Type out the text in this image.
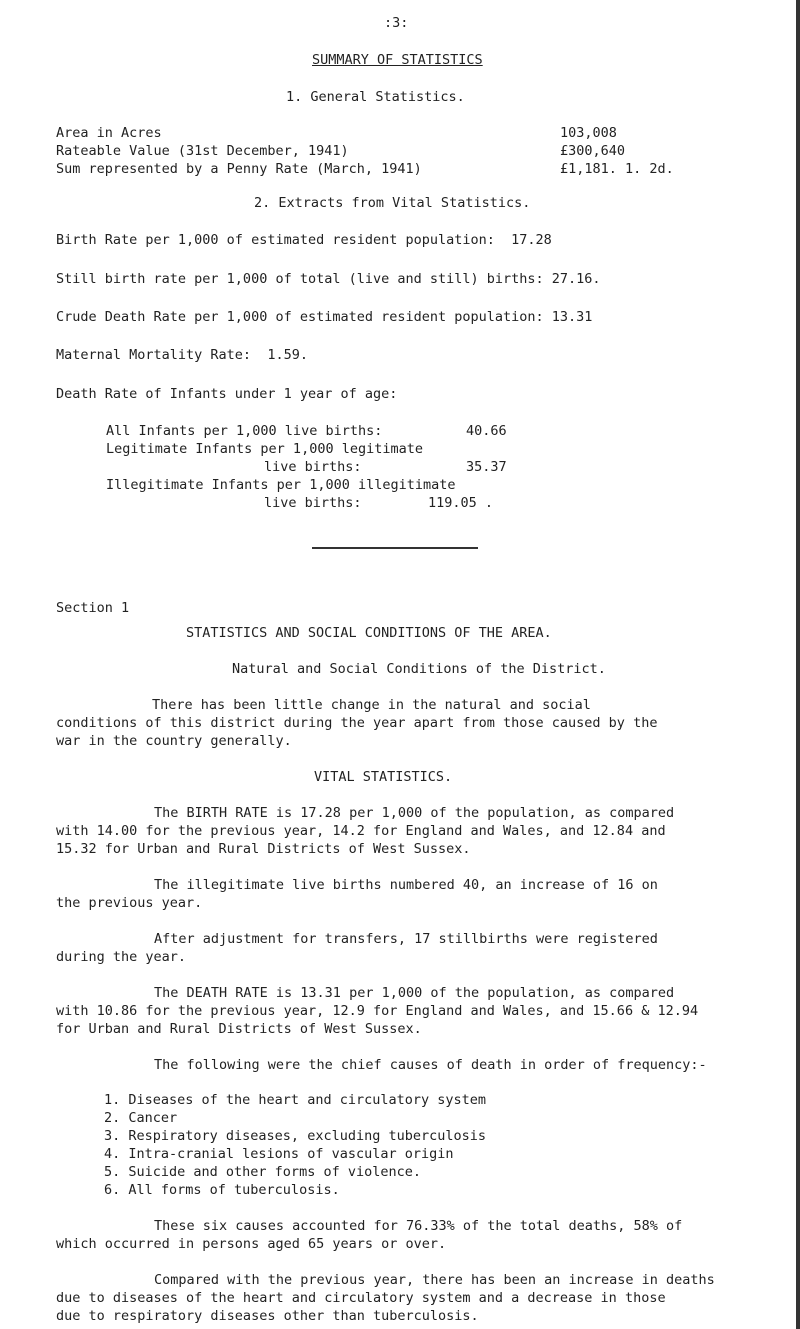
:3:
SUMMARY OF STATISTICS
1. General Statistics.
Area in Acres	103,008
Rateable Value (31st December, 1941)	£300,640
Sum represented by a Penny Rate (March, 1941)	£1,181. 1. 2d.
2. Extracts from Vital Statistics.
Birth Rate per 1,000 of estimated resident population:  17.28
Still birth rate per 1,000 of total (live and still) births: 27.16.
Crude Death Rate per 1,000 of estimated resident population: 13.31
Maternal Mortality Rate:  1.59.
Death Rate of Infants under 1 year of age:
All Infants per 1,000 live births:	40.66
Legitimate Infants per 1,000 legitimate
live births:	35.37
Illegitimate Infants per 1,000 illegitimate
live births:	119.05 .
Section 1
STATISTICS AND SOCIAL CONDITIONS OF THE AREA.
Natural and Social Conditions of the District.
There has been little change in the natural and social
conditions of this district during the year apart from those caused by the
war in the country generally.
VITAL STATISTICS.
The BIRTH RATE is 17.28 per 1,000 of the population, as compared
with 14.00 for the previous year, 14.2 for England and Wales, and 12.84 and
15.32 for Urban and Rural Districts of West Sussex.
The illegitimate live births numbered 40, an increase of 16 on
the previous year.
After adjustment for transfers, 17 stillbirths were registered
during the year.
The DEATH RATE is 13.31 per 1,000 of the population, as compared
with 10.86 for the previous year, 12.9 for England and Wales, and 15.66 & 12.94
for Urban and Rural Districts of West Sussex.
The following were the chief causes of death in order of frequency:-
1. Diseases of the heart and circulatory system
2. Cancer
3. Respiratory diseases, excluding tuberculosis
4. Intra-cranial lesions of vascular origin
5. Suicide and other forms of violence.
6. All forms of tuberculosis.
These six causes accounted for 76.33% of the total deaths, 58% of
which occurred in persons aged 65 years or over.
Compared with the previous year, there has been an increase in deaths
due to diseases of the heart and circulatory system and a decrease in those
due to respiratory diseases other than tuberculosis.
